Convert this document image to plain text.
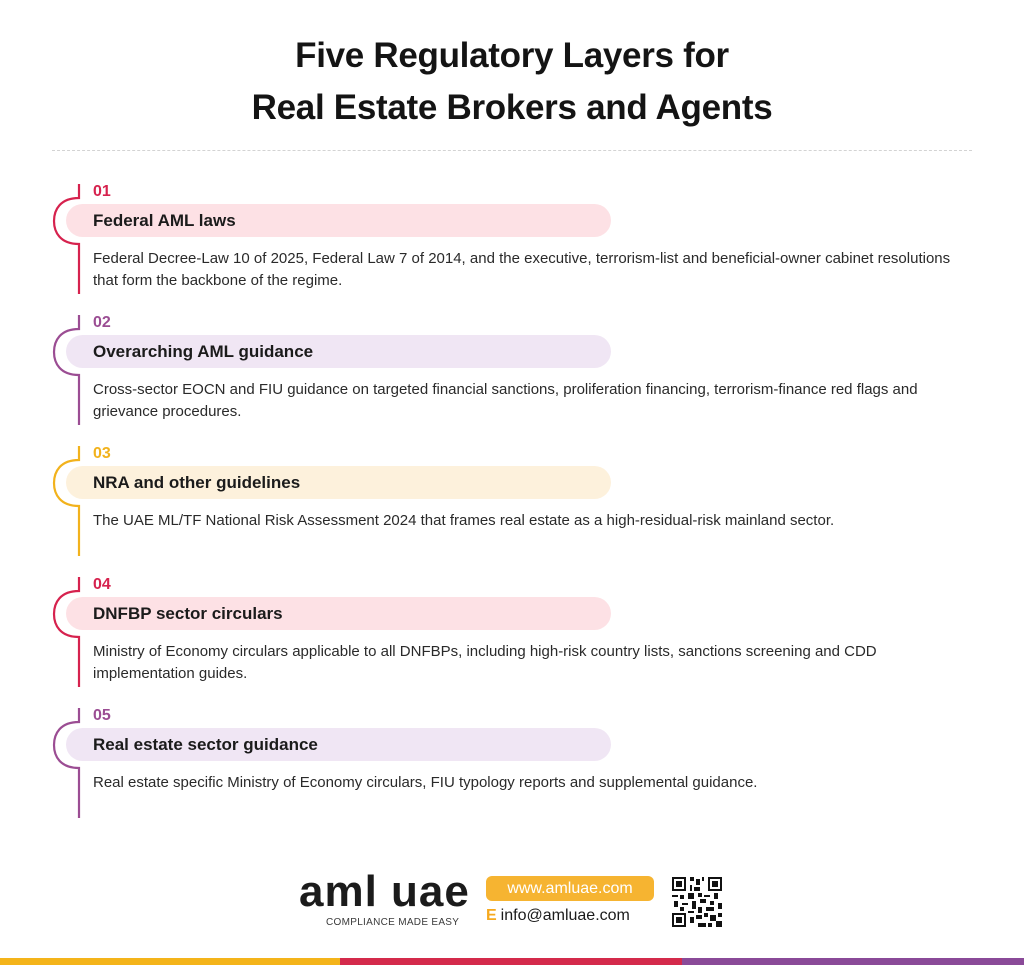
Five Regulatory Layers for
Real Estate Brokers and Agents
01
Federal AML laws
Federal Decree-Law 10 of 2025, Federal Law 7 of 2014, and the executive, terrorism-list and beneficial-owner cabinet resolutions that form the backbone of the regime.
02
Overarching AML guidance
Cross-sector EOCN and FIU guidance on targeted financial sanctions, proliferation financing, terrorism-finance red flags and grievance procedures.
03
NRA and other guidelines
The UAE ML/TF National Risk Assessment 2024 that frames real estate as a high-residual-risk mainland sector.
04
DNFBP sector circulars
Ministry of Economy circulars applicable to all DNFBPs, including high-risk country lists, sanctions screening and CDD implementation guides.
05
Real estate sector guidance
Real estate specific Ministry of Economy circulars, FIU typology reports and supplemental guidance.
aml uae
COMPLIANCE MADE EASY
www.amluae.com
E info@amluae.com
